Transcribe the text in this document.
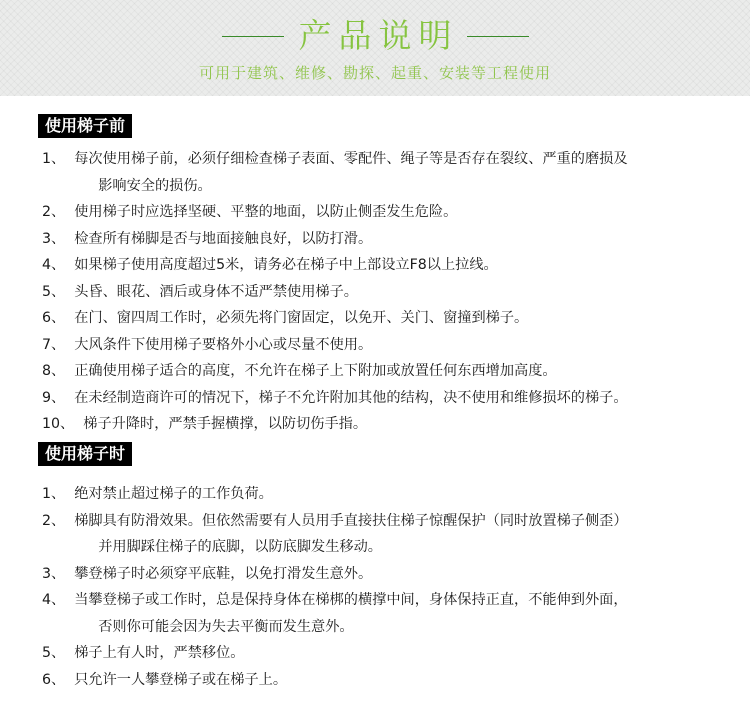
产品说明
可用于建筑、维修、勘探、起重、安装等工程使用
使用梯子前
1、 每次使用梯子前，必须仔细检查梯子表面、零配件、绳子等是否存在裂纹、严重的磨损及
影响安全的损伤。
2、 使用梯子时应选择坚硬、平整的地面，以防止侧歪发生危险。
3、 检查所有梯脚是否与地面接触良好，以防打滑。
4、 如果梯子使用高度超过5米，请务必在梯子中上部设立F8以上拉线。
5、 头昏、眼花、酒后或身体不适严禁使用梯子。
6、 在门、窗四周工作时，必须先将门窗固定，以免开、关门、窗撞到梯子。
7、 大风条件下使用梯子要格外小心或尽量不使用。
8、 正确使用梯子适合的高度，不允许在梯子上下附加或放置任何东西增加高度。
9、 在未经制造商许可的情况下，梯子不允许附加其他的结构，决不使用和维修损坏的梯子。
10、 梯子升降时，严禁手握横撑，以防切伤手指。
使用梯子时
1、 绝对禁止超过梯子的工作负荷。
2、 梯脚具有防滑效果。但依然需要有人员用手直接扶住梯子惊醒保护（同时放置梯子侧歪）
并用脚踩住梯子的底脚，以防底脚发生移动。
3、 攀登梯子时必须穿平底鞋，以免打滑发生意外。
4、 当攀登梯子或工作时，总是保持身体在梯梆的横撑中间，身体保持正直，不能伸到外面，
否则你可能会因为失去平衡而发生意外。
5、 梯子上有人时，严禁移位。
6、 只允许一人攀登梯子或在梯子上。
